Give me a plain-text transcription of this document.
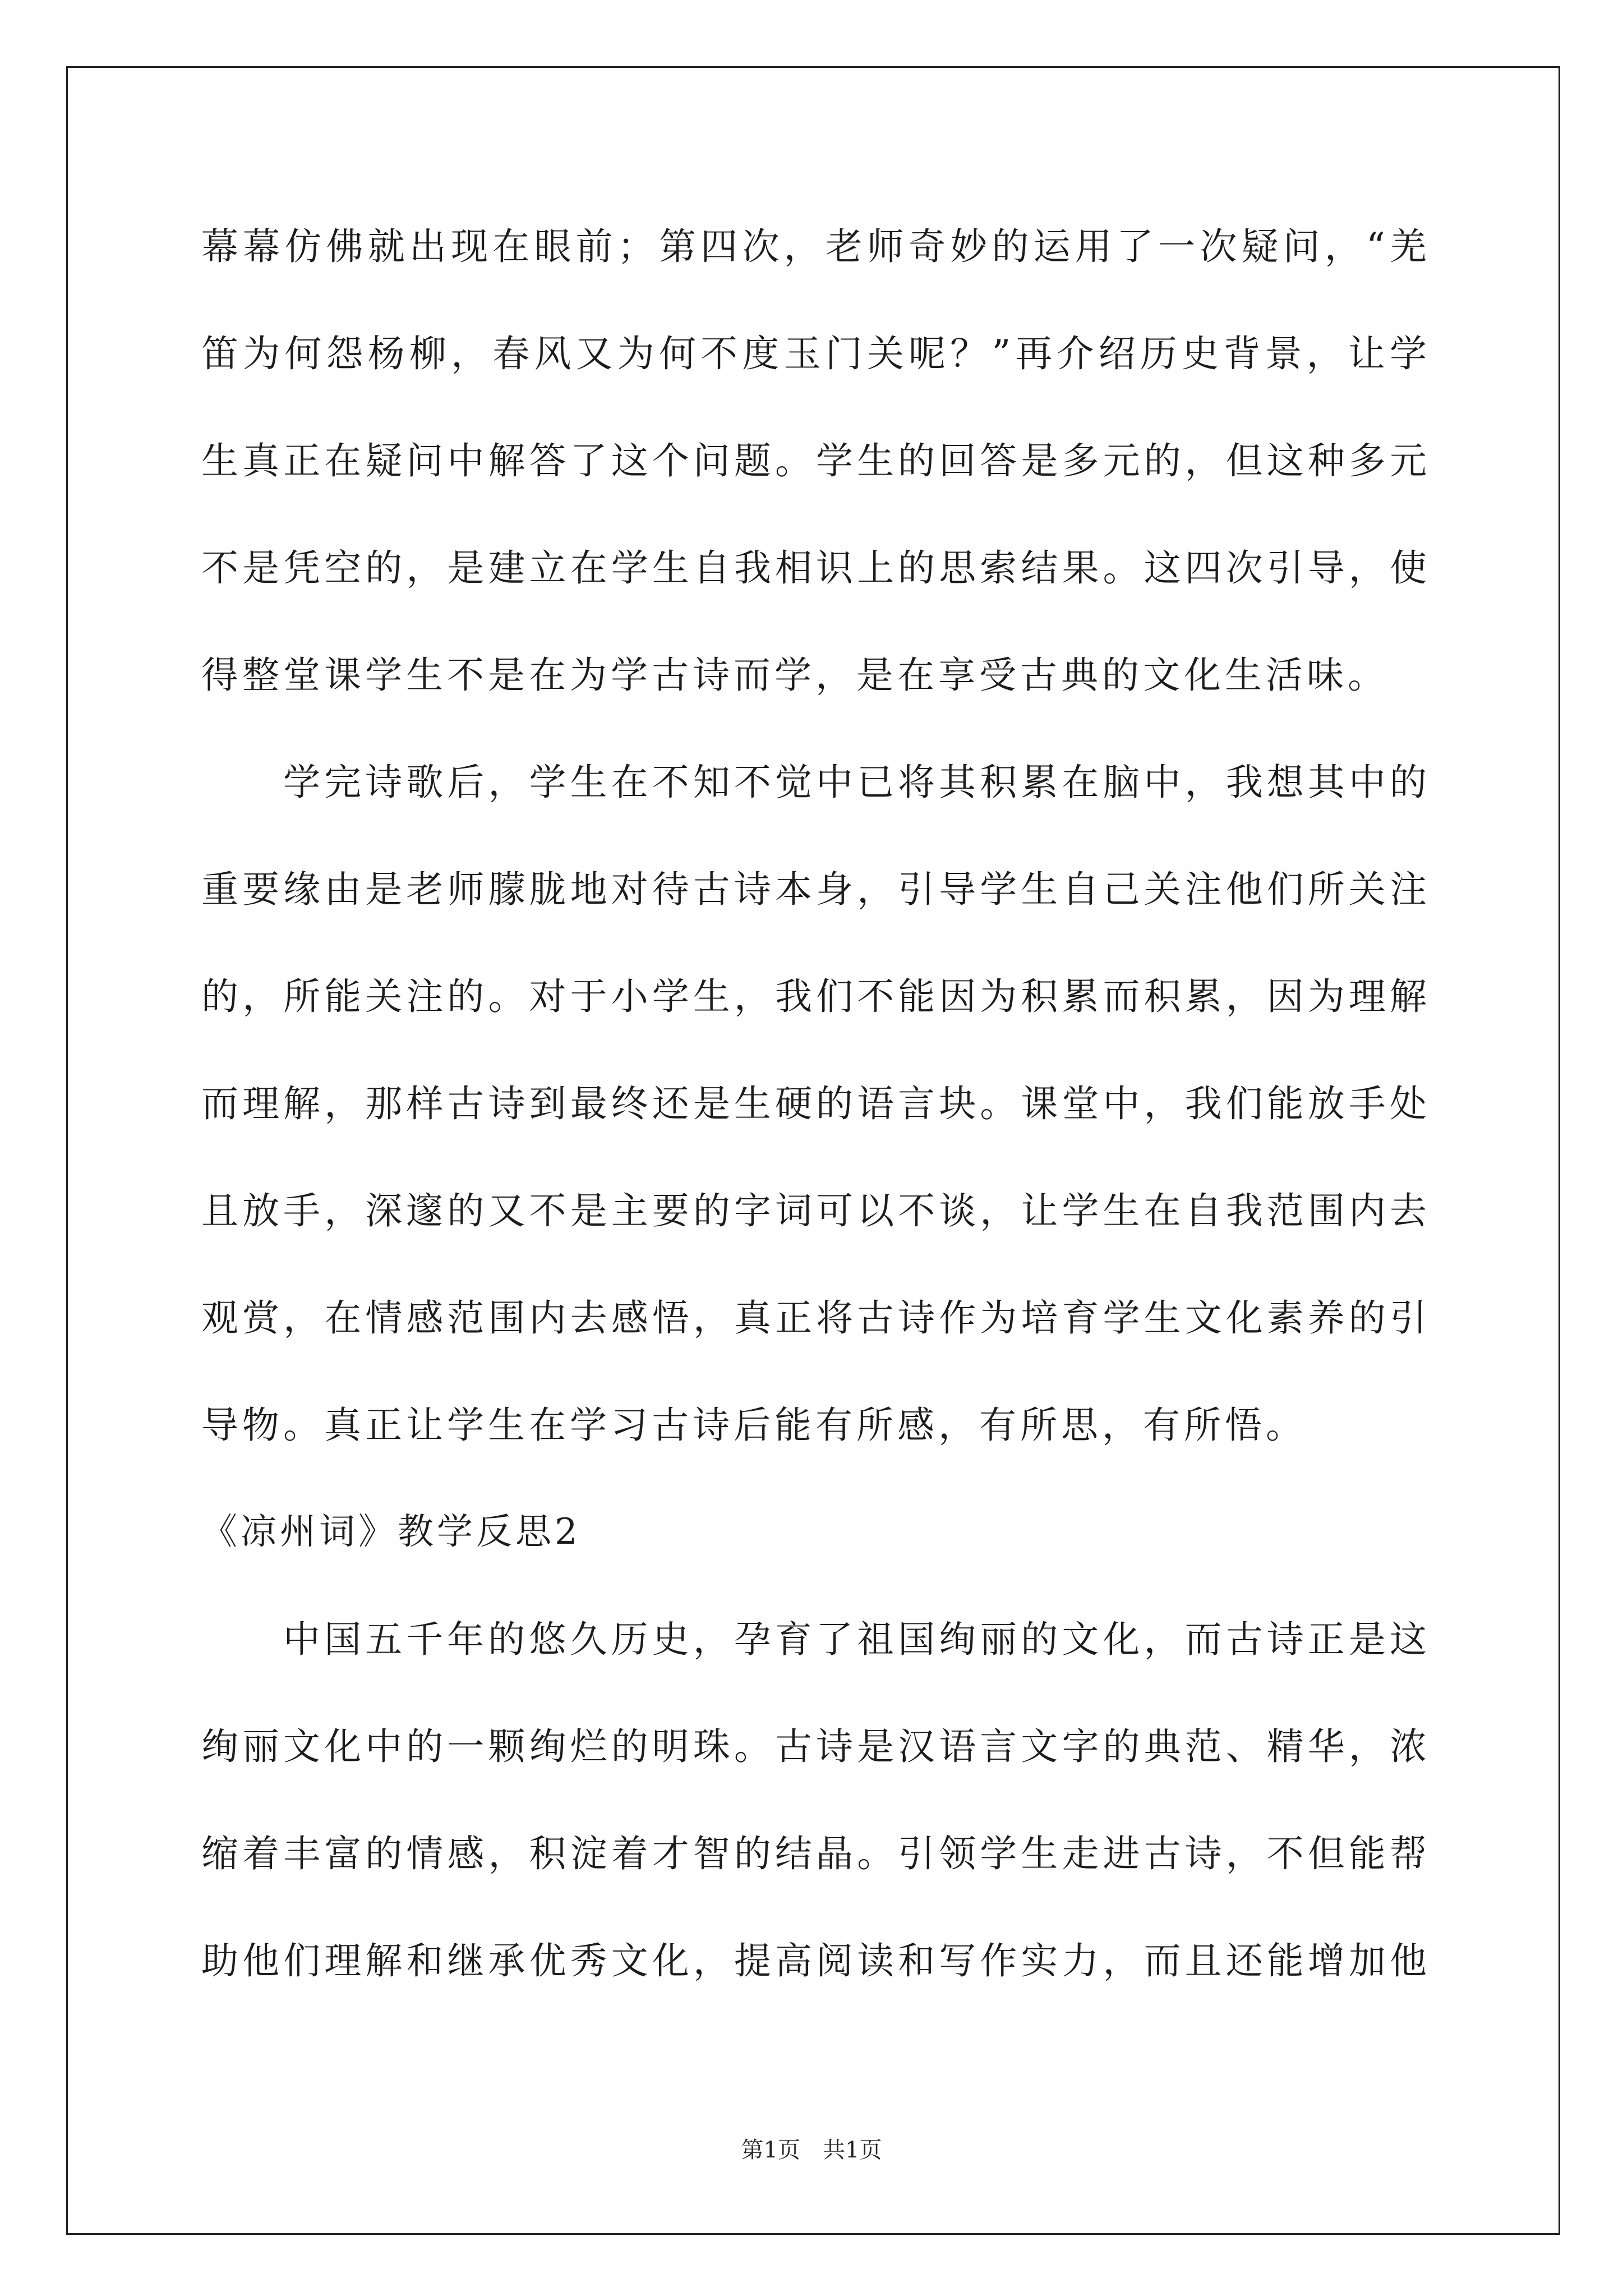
幕幕仿佛就出现在眼前；第四次，老师奇妙的运用了一次疑问，“羌
笛为何怨杨柳，春风又为何不度玉门关呢？”再介绍历史背景，让学
生真正在疑问中解答了这个问题。学生的回答是多元的，但这种多元
不是凭空的，是建立在学生自我相识上的思索结果。这四次引导，使
得整堂课学生不是在为学古诗而学，是在享受古典的文化生活味。
学完诗歌后，学生在不知不觉中已将其积累在脑中，我想其中的
重要缘由是老师朦胧地对待古诗本身，引导学生自己关注他们所关注
的，所能关注的。对于小学生，我们不能因为积累而积累，因为理解
而理解，那样古诗到最终还是生硬的语言块。课堂中，我们能放手处
且放手，深邃的又不是主要的字词可以不谈，让学生在自我范围内去
观赏，在情感范围内去感悟，真正将古诗作为培育学生文化素养的引
导物。真正让学生在学习古诗后能有所感，有所思，有所悟。
《凉州词》教学反思2
中国五千年的悠久历史，孕育了祖国绚丽的文化，而古诗正是这
绚丽文化中的一颗绚烂的明珠。古诗是汉语言文字的典范、精华，浓
缩着丰富的情感，积淀着才智的结晶。引领学生走进古诗，不但能帮
助他们理解和继承优秀文化，提高阅读和写作实力，而且还能增加他
第1页　共1页
